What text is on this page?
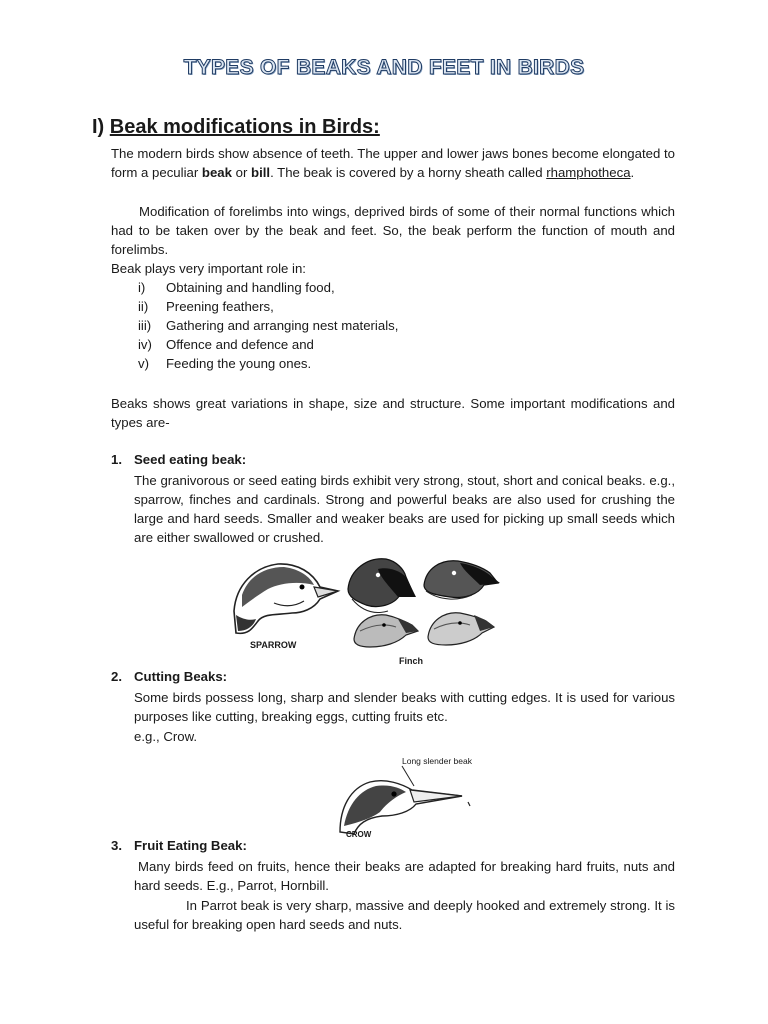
TYPES OF BEAKS AND FEET IN BIRDS
I) Beak modifications in Birds:
The modern birds show absence of teeth. The upper and lower jaws bones become elongated to form a peculiar beak or bill. The beak is covered by a horny sheath called rhamphotheca.
Modification of forelimbs into wings, deprived birds of some of their normal functions which had to be taken over by the beak and feet. So, the beak perform the function of mouth and forelimbs.
Beak plays very important role in:
i) Obtaining and handling food,
ii) Preening feathers,
iii) Gathering and arranging nest materials,
iv) Offence and defence and
v) Feeding the young ones.
Beaks shows great variations in shape, size and structure. Some important modifications and types are-
1. Seed eating beak:
The granivorous or seed eating birds exhibit very strong, stout, short and conical beaks. e.g., sparrow, finches and cardinals. Strong and powerful beaks are also used for crushing the large and hard seeds. Smaller and weaker beaks are used for picking up small seeds which are either swallowed or crushed.
SPARROW
Finch
2. Cutting Beaks:
Some birds possess long, sharp and slender beaks with cutting edges. It is used for various purposes like cutting, breaking eggs, cutting fruits etc.
e.g., Crow.
Long slender beak
CROW
3. Fruit Eating Beak:
Many birds feed on fruits, hence their beaks are adapted for breaking hard fruits, nuts and hard seeds. E.g., Parrot, Hornbill.
In Parrot beak is very sharp, massive and deeply hooked and extremely strong. It is useful for breaking open hard seeds and nuts.
